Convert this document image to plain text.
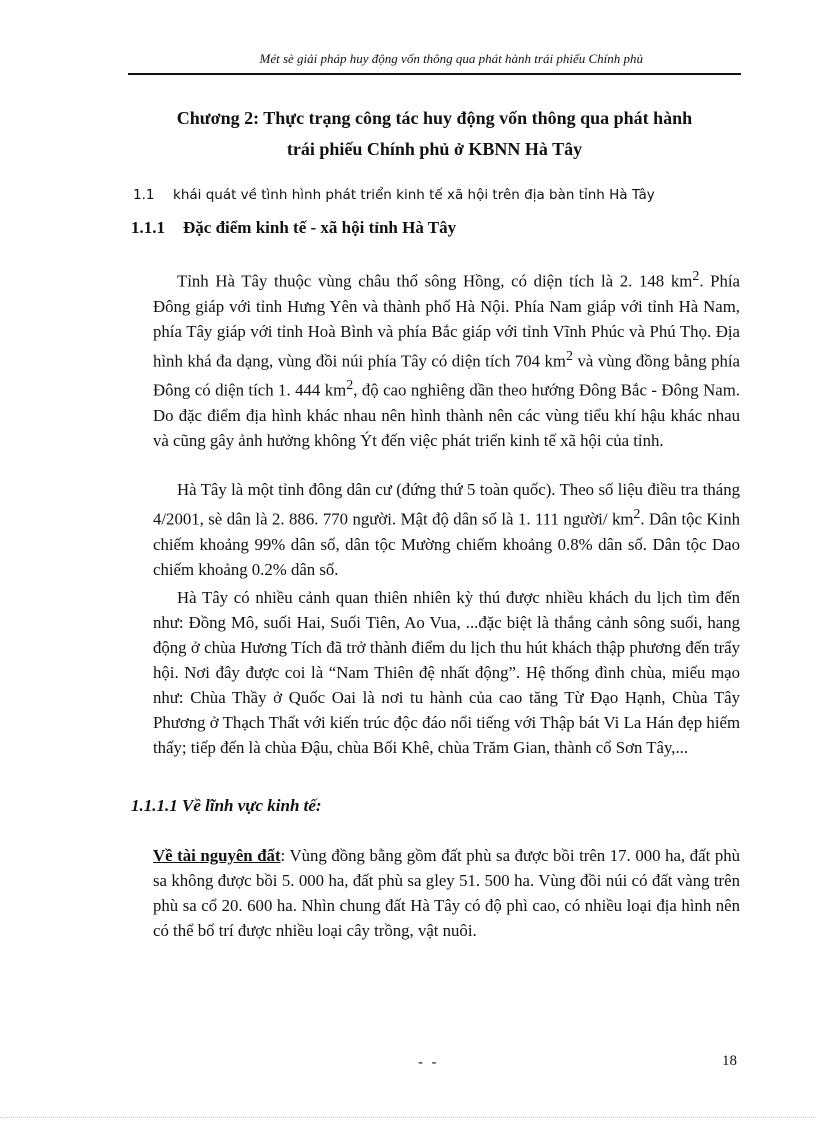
Mét sè giải pháp huy động vốn thông qua phát hành trái phiếu Chính phủ
Chương 2: Thực trạng công tác huy động vốn thông qua phát hành
trái phiếu Chính phủ ở KBNN Hà Tây
1.1 khái quát về tình hình phát triển kinh tế xã hội trên địa bàn tỉnh Hà Tây
1.1.1 Đặc điểm kinh tế - xã hội tỉnh Hà Tây

Tỉnh Hà Tây thuộc vùng châu thổ sông Hồng, có diện tích là 2. 148 $km^2$. Phía Đông giáp với tỉnh Hưng Yên và thành phố Hà Nội. Phía Nam giáp với tỉnh Hà Nam, phía Tây giáp với tỉnh Hoà Bình và phía Bắc giáp với tỉnh Vĩnh Phúc và Phú Thọ. Địa hình khá đa dạng, vùng đồi núi phía Tây có diện tích 704 $km^2$ và vùng đồng bằng phía Đông có diện tích 1. 444 $km^2$, độ cao nghiêng dần theo hướng Đông Bắc - Đông Nam. Do đặc điểm địa hình khác nhau nên hình thành nên các vùng tiểu khí hậu khác nhau và cũng gây ảnh hưởng không Ýt đến việc phát triển kinh tế xã hội của tỉnh.

Hà Tây là một tỉnh đông dân cư (đứng thứ 5 toàn quốc). Theo số liệu điều tra tháng 4/2001, sè dân là 2. 886. 770 người. Mật độ dân số là 1. 111 người/ $km^2$. Dân tộc Kinh chiếm khoảng 99% dân số, dân tộc Mường chiếm khoảng 0.8% dân số. Dân tộc Dao chiếm khoảng 0.2% dân số.

Hà Tây có nhiều cảnh quan thiên nhiên kỳ thú được nhiều khách du lịch tìm đến như: Đồng Mô, suối Hai, Suối Tiên, Ao Vua, ...đặc biệt là thắng cảnh sông suối, hang động ở chùa Hương Tích đã trở thành điểm du lịch thu hút khách thập phương đến trẩy hội. Nơi đây được coi là “Nam Thiên đệ nhất động”. Hệ thống đình chùa, miếu mạo như: Chùa Thầy ở Quốc Oai là nơi tu hành của cao tăng Từ Đạo Hạnh, Chùa Tây Phương ở Thạch Thất với kiến trúc độc đáo nổi tiếng với Thập bát Vi La Hán đẹp hiếm thấy; tiếp đến là chùa Đậu, chùa Bối Khê, chùa Trăm Gian, thành cổ Sơn Tây,...

1.1.1.1 Về lĩnh vực kinh tế:

Về tài nguyên đất: Vùng đồng bằng gồm đất phù sa được bồi trên 17. 000 ha, đất phù sa không được bồi 5. 000 ha, đất phù sa gley 51. 500 ha. Vùng đồi núi có đất vàng trên phù sa cổ 20. 600 ha. Nhìn chung đất Hà Tây có độ phì cao, có nhiều loại địa hình nên có thể bố trí được nhiều loại cây trồng, vật nuôi.

- -	18
